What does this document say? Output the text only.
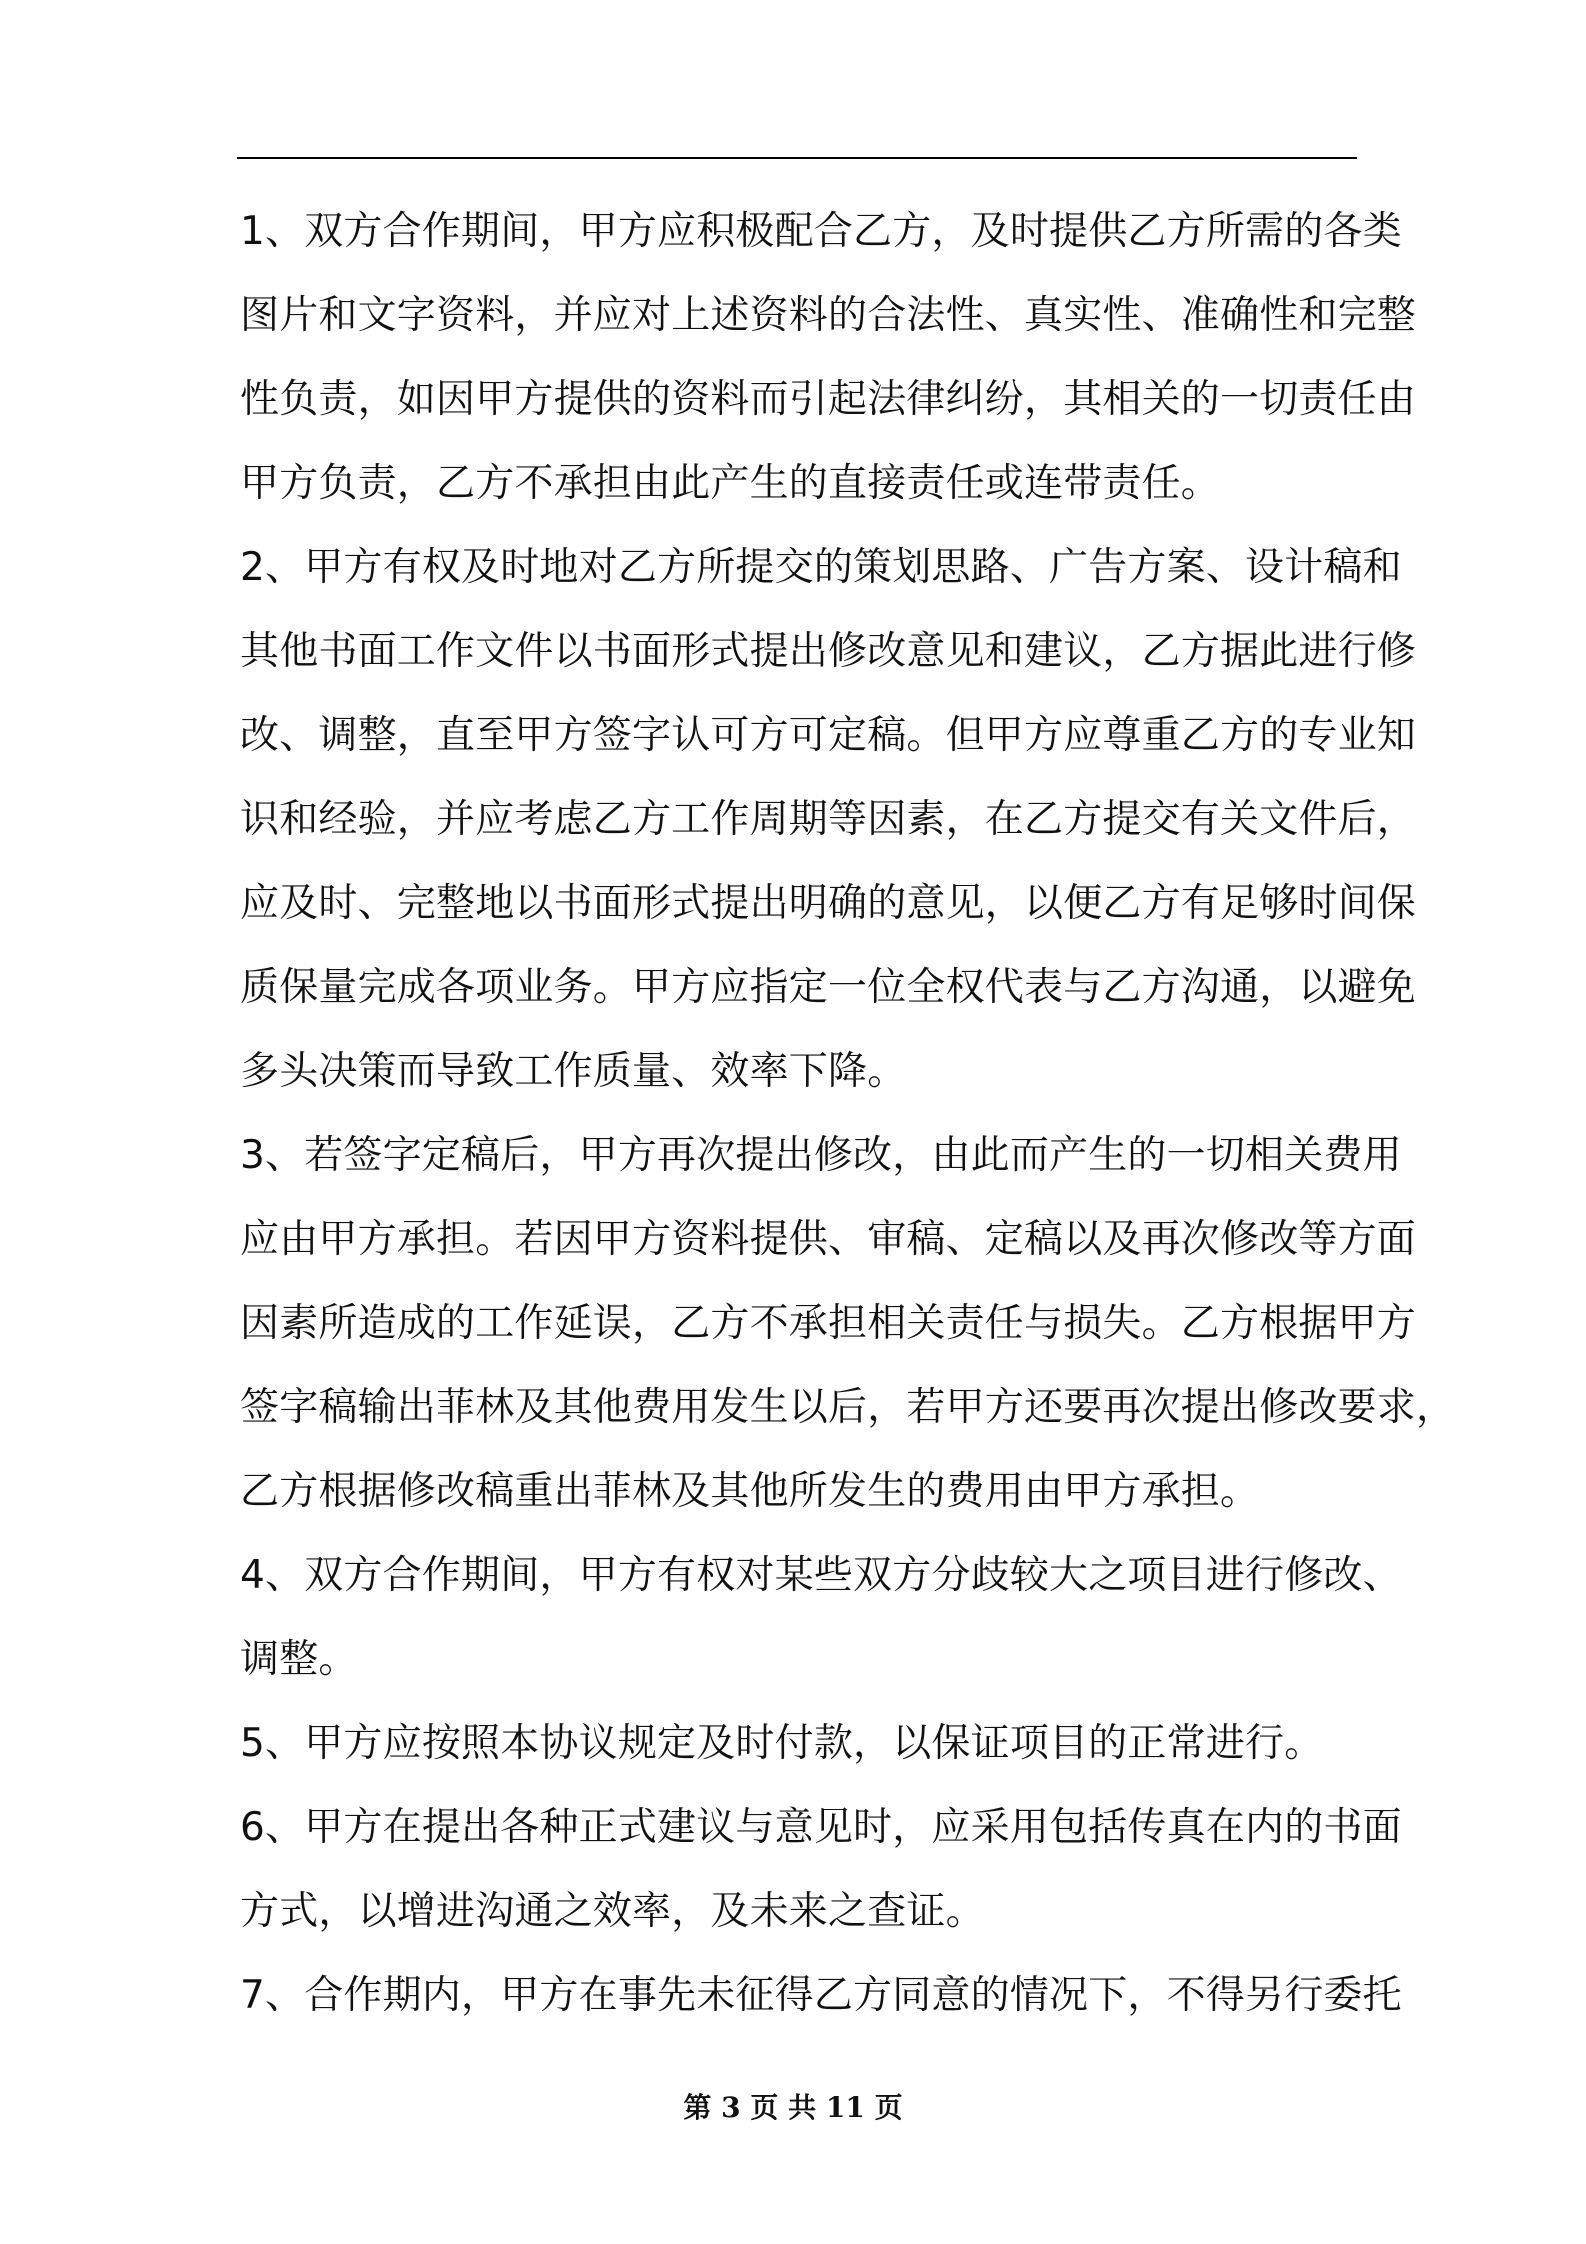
1、双方合作期间，甲方应积极配合乙方，及时提供乙方所需的各类
图片和文字资料，并应对上述资料的合法性、真实性、准确性和完整
性负责，如因甲方提供的资料而引起法律纠纷，其相关的一切责任由
甲方负责，乙方不承担由此产生的直接责任或连带责任。
2、甲方有权及时地对乙方所提交的策划思路、广告方案、设计稿和
其他书面工作文件以书面形式提出修改意见和建议，乙方据此进行修
改、调整，直至甲方签字认可方可定稿。但甲方应尊重乙方的专业知
识和经验，并应考虑乙方工作周期等因素，在乙方提交有关文件后，
应及时、完整地以书面形式提出明确的意见，以便乙方有足够时间保
质保量完成各项业务。甲方应指定一位全权代表与乙方沟通，以避免
多头决策而导致工作质量、效率下降。
3、若签字定稿后，甲方再次提出修改，由此而产生的一切相关费用
应由甲方承担。若因甲方资料提供、审稿、定稿以及再次修改等方面
因素所造成的工作延误，乙方不承担相关责任与损失。乙方根据甲方
签字稿输出菲林及其他费用发生以后，若甲方还要再次提出修改要求，
乙方根据修改稿重出菲林及其他所发生的费用由甲方承担。
4、双方合作期间，甲方有权对某些双方分歧较大之项目进行修改、
调整。
5、甲方应按照本协议规定及时付款，以保证项目的正常进行。
6、甲方在提出各种正式建议与意见时，应采用包括传真在内的书面
方式，以增进沟通之效率，及未来之查证。
7、合作期内，甲方在事先未征得乙方同意的情况下，不得另行委托
第 3 页 共 11 页
